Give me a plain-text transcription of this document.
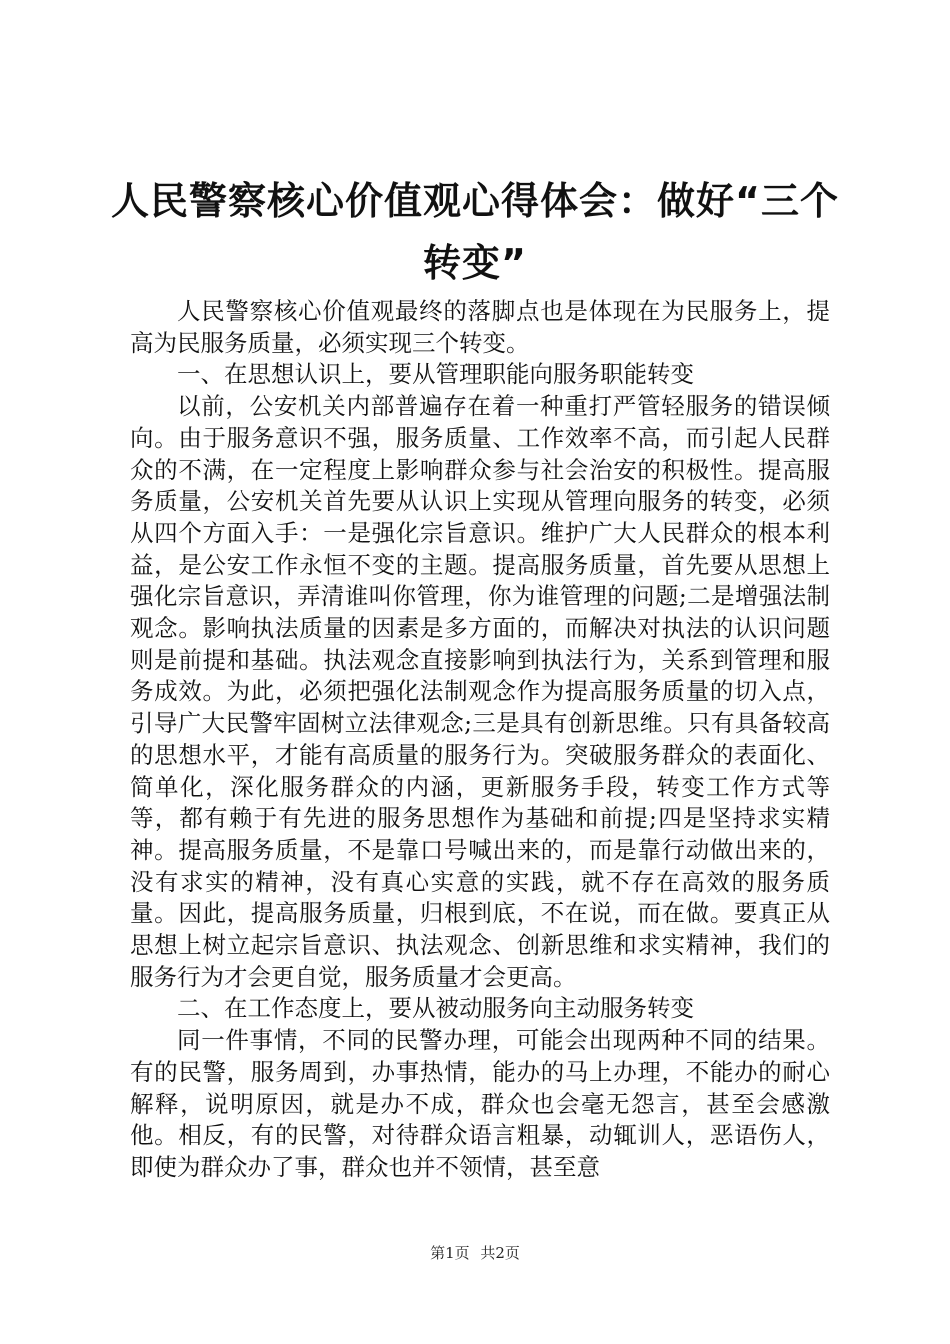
人民警察核心价值观心得体会：做好“三个转变”

人民警察核心价值观最终的落脚点也是体现在为民服务上，提高为民服务质量，必须实现三个转变。

一、在思想认识上，要从管理职能向服务职能转变

以前，公安机关内部普遍存在着一种重打严管轻服务的错误倾向。由于服务意识不强，服务质量、工作效率不高，而引起人民群众的不满，在一定程度上影响群众参与社会治安的积极性。提高服务质量，公安机关首先要从认识上实现从管理向服务的转变，必须从四个方面入手：一是强化宗旨意识。维护广大人民群众的根本利益，是公安工作永恒不变的主题。提高服务质量，首先要从思想上强化宗旨意识，弄清谁叫你管理，你为谁管理的问题;二是增强法制观念。影响执法质量的因素是多方面的，而解决对执法的认识问题则是前提和基础。执法观念直接影响到执法行为，关系到管理和服务成效。为此，必须把强化法制观念作为提高服务质量的切入点，引导广大民警牢固树立法律观念;三是具有创新思维。只有具备较高的思想水平，才能有高质量的服务行为。突破服务群众的表面化、简单化，深化服务群众的内涵，更新服务手段，转变工作方式等等，都有赖于有先进的服务思想作为基础和前提;四是坚持求实精神。提高服务质量，不是靠口号喊出来的，而是靠行动做出来的，没有求实的精神，没有真心实意的实践，就不存在高效的服务质量。因此，提高服务质量，归根到底，不在说，而在做。要真正从思想上树立起宗旨意识、执法观念、创新思维和求实精神，我们的服务行为才会更自觉，服务质量才会更高。

二、在工作态度上，要从被动服务向主动服务转变

同一件事情，不同的民警办理，可能会出现两种不同的结果。有的民警，服务周到，办事热情，能办的马上办理，不能办的耐心解释，说明原因，就是办不成，群众也会毫无怨言，甚至会感激他。相反，有的民警，对待群众语言粗暴，动辄训人，恶语伤人，即使为群众办了事，群众也并不领情，甚至意

第1页 共2页
